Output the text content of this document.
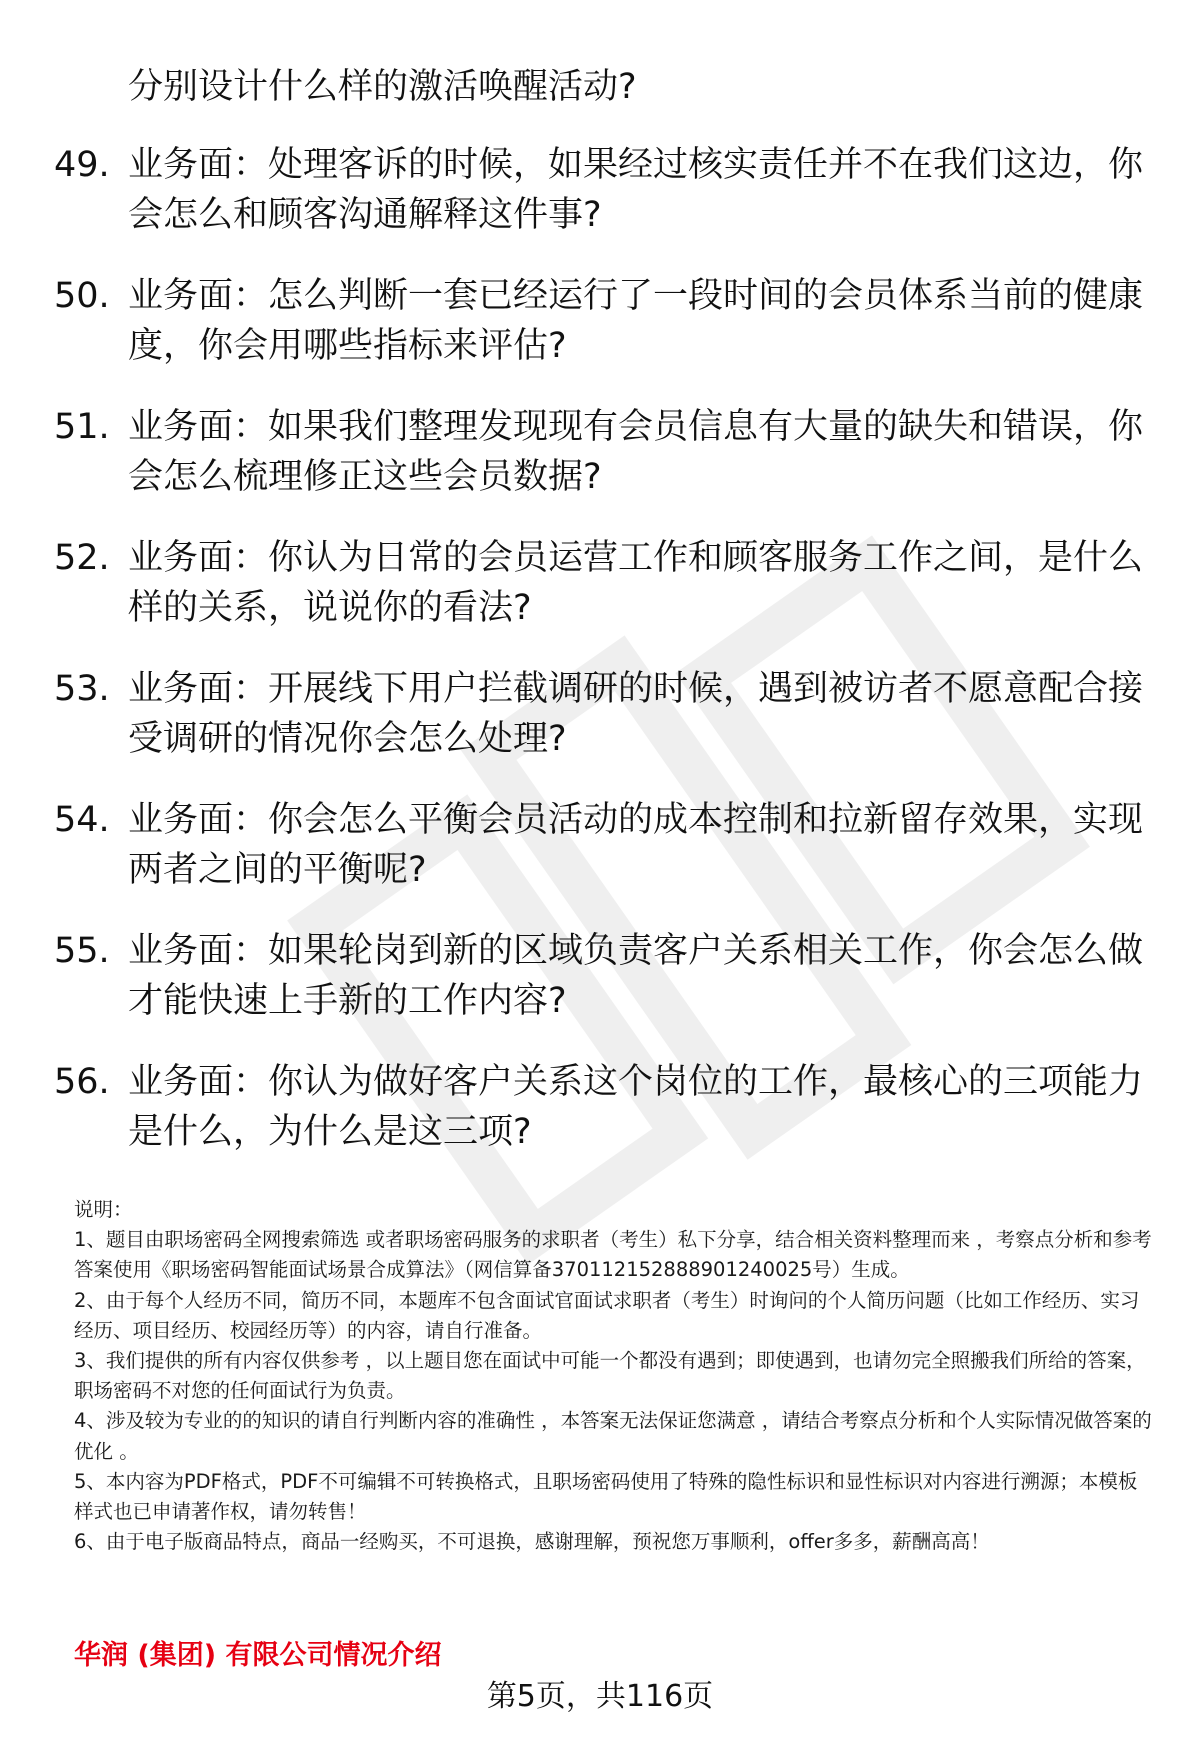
分别设计什么样的激活唤醒活动?

49. 业务面：处理客诉的时候，如果经过核实责任并不在我们这边，你会怎么和顾客沟通解释这件事?
50. 业务面：怎么判断一套已经运行了一段时间的会员体系当前的健康度，你会用哪些指标来评估?
51. 业务面：如果我们整理发现现有会员信息有大量的缺失和错误，你会怎么梳理修正这些会员数据?
52. 业务面：你认为日常的会员运营工作和顾客服务工作之间，是什么样的关系，说说你的看法?
53. 业务面：开展线下用户拦截调研的时候，遇到被访者不愿意配合接受调研的情况你会怎么处理?
54. 业务面：你会怎么平衡会员活动的成本控制和拉新留存效果，实现两者之间的平衡呢?
55. 业务面：如果轮岗到新的区域负责客户关系相关工作，你会怎么做才能快速上手新的工作内容?
56. 业务面：你认为做好客户关系这个岗位的工作，最核心的三项能力是什么，为什么是这三项?

说明：

1、题目由职场密码全网搜索筛选 或者职场密码服务的求职者（考生）私下分享，结合相关资料整理而来 ，考察点分析和参考答案使用《职场密码智能面试场景合成算法》（网信算备370112152888901240025号）生成。

2、由于每个人经历不同，简历不同，本题库不包含面试官面试求职者（考生）时询问的个人简历问题（比如工作经历、实习经历、项目经历、校园经历等）的内容，请自行准备。

3、我们提供的所有内容仅供参考 ，以上题目您在面试中可能一个都没有遇到；即使遇到，也请勿完全照搬我们所给的答案，职场密码不对您的任何面试行为负责。

4、涉及较为专业的的知识的请自行判断内容的准确性 ，本答案无法保证您满意 ，请结合考察点分析和个人实际情况做答案的优化 。

5、本内容为PDF格式，PDF不可编辑不可转换格式，且职场密码使用了特殊的隐性标识和显性标识对内容进行溯源；本模板样式也已申请著作权，请勿转售！

6、由于电子版商品特点，商品一经购买，不可退换，感谢理解，预祝您万事顺利，offer多多，薪酬高高！

华润 (集团) 有限公司情况介绍
第5页，共116页
